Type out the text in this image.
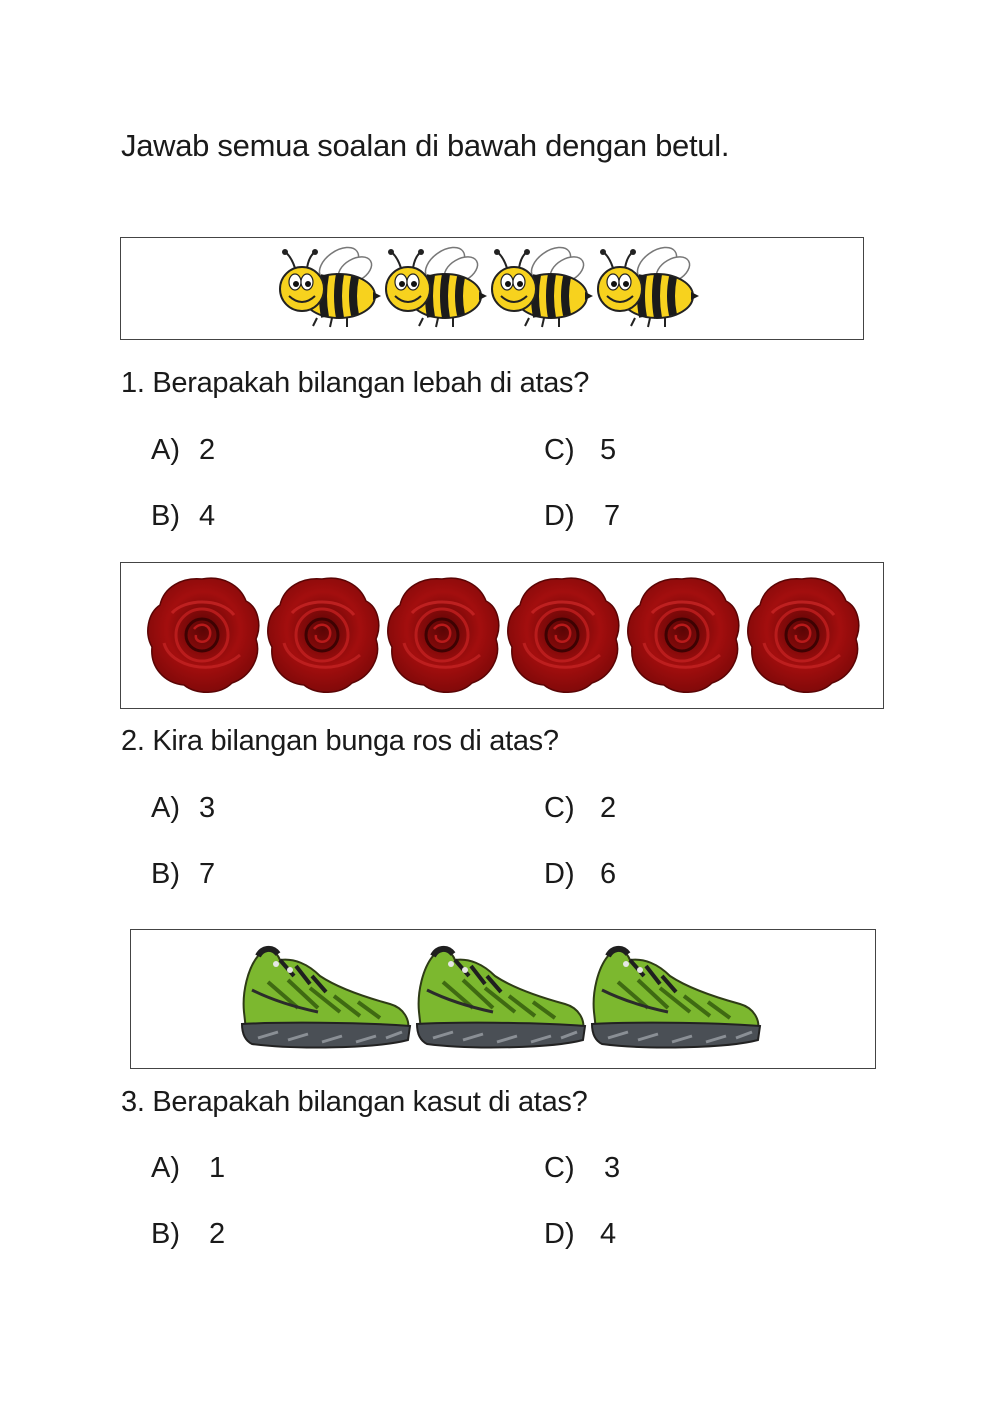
Jawab semua soalan di bawah dengan betul.
1. Berapakah bilangan lebah di atas?
A) 2
B) 4
C) 5
D) 7
2. Kira bilangan bunga ros di atas?
A) 3
B) 7
C) 2
D) 6
3. Berapakah bilangan kasut di atas?
A) 1
B) 2
C) 3
D) 4
